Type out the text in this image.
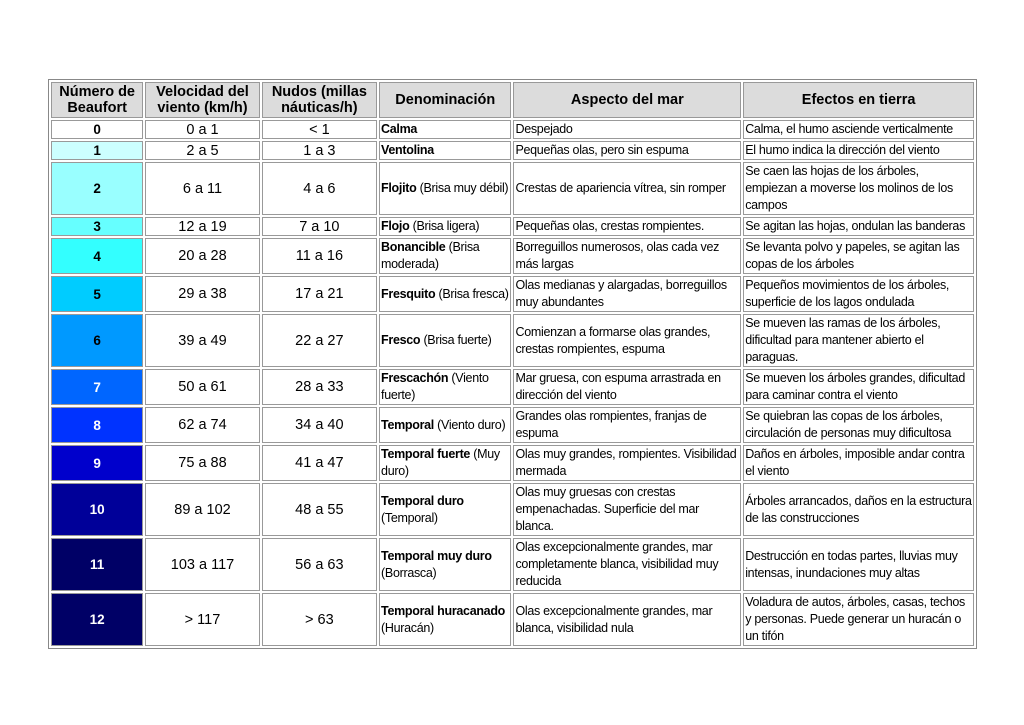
Número de Beaufort	Velocidad del viento (km/h)	Nudos (millas náuticas/h)	Denominación	Aspecto del mar	Efectos en tierra
0	0 a 1	< 1	Calma	Despejado	Calma, el humo asciende verticalmente
1	2 a 5	1 a 3	Ventolina	Pequeñas olas, pero sin espuma	El humo indica la dirección del viento
2	6 a 11	4 a 6	Flojito (Brisa muy débil)	Crestas de apariencia vítrea, sin romper	Se caen las hojas de los árboles, empiezan a moverse los molinos de los campos
3	12 a 19	7 a 10	Flojo (Brisa ligera)	Pequeñas olas, crestas rompientes.	Se agitan las hojas, ondulan las banderas
4	20 a 28	11 a 16	Bonancible (Brisa moderada)	Borreguillos numerosos, olas cada vez más largas	Se levanta polvo y papeles, se agitan las copas de los árboles
5	29 a 38	17 a 21	Fresquito (Brisa fresca)	Olas medianas y alargadas, borreguillos muy abundantes	Pequeños movimientos de los árboles, superficie de los lagos ondulada
6	39 a 49	22 a 27	Fresco (Brisa fuerte)	Comienzan a formarse olas grandes, crestas rompientes, espuma	Se mueven las ramas de los árboles, dificultad para mantener abierto el paraguas.
7	50 a 61	28 a 33	Frescachón (Viento fuerte)	Mar gruesa, con espuma arrastrada en dirección del viento	Se mueven los árboles grandes, dificultad para caminar contra el viento
8	62 a 74	34 a 40	Temporal (Viento duro)	Grandes olas rompientes, franjas de espuma	Se quiebran las copas de los árboles, circulación de personas muy dificultosa
9	75 a 88	41 a 47	Temporal fuerte (Muy duro)	Olas muy grandes, rompientes. Visibilidad mermada	Daños en árboles, imposible andar contra el viento
10	89 a 102	48 a 55	Temporal duro (Temporal)	Olas muy gruesas con crestas empenachadas. Superficie del mar blanca.	Árboles arrancados, daños en la estructura de las construcciones
11	103 a 117	56 a 63	Temporal muy duro (Borrasca)	Olas excepcionalmente grandes, mar completamente blanca, visibilidad muy reducida	Destrucción en todas partes, lluvias muy intensas, inundaciones muy altas
12	> 117	> 63	Temporal huracanado (Huracán)	Olas excepcionalmente grandes, mar blanca, visibilidad nula	Voladura de autos, árboles, casas, techos y personas. Puede generar un huracán o un tifón
